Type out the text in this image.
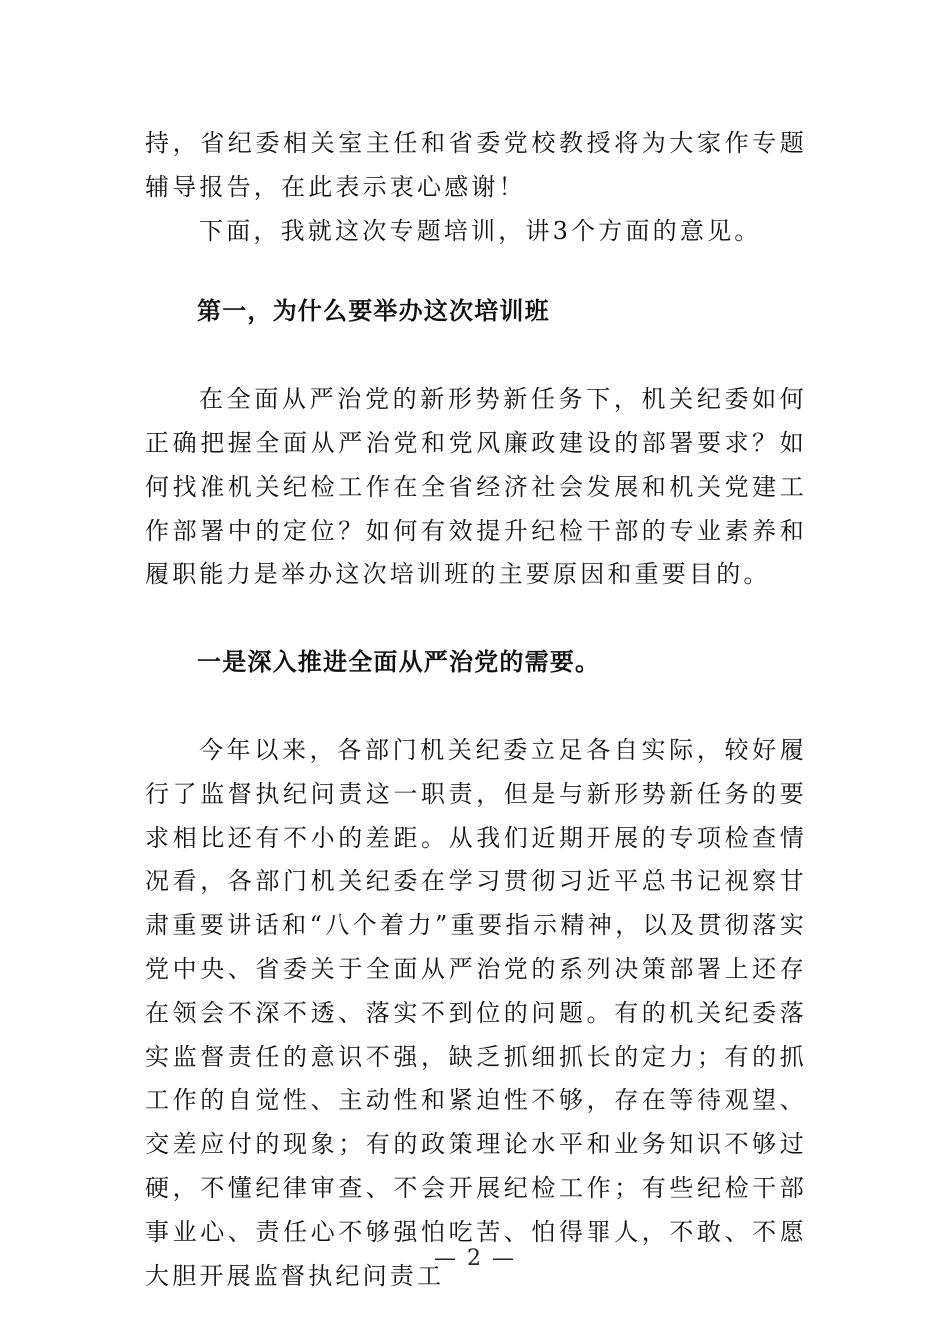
持，省纪委相关室主任和省委党校教授将为大家作专题辅导报告，在此表示衷心感谢！

下面，我就这次专题培训，讲3个方面的意见。

第一，为什么要举办这次培训班

在全面从严治党的新形势新任务下，机关纪委如何正确把握全面从严治党和党风廉政建设的部署要求？如何找准机关纪检工作在全省经济社会发展和机关党建工作部署中的定位？如何有效提升纪检干部的专业素养和履职能力是举办这次培训班的主要原因和重要目的。

一是深入推进全面从严治党的需要。

今年以来，各部门机关纪委立足各自实际，较好履行了监督执纪问责这一职责，但是与新形势新任务的要求相比还有不小的差距。从我们近期开展的专项检查情况看，各部门机关纪委在学习贯彻习近平总书记视察甘肃重要讲话和“八个着力”重要指示精神，以及贯彻落实党中央、省委关于全面从严治党的系列决策部署上还存在领会不深不透、落实不到位的问题。有的机关纪委落实监督责任的意识不强，缺乏抓细抓长的定力；有的抓工作的自觉性、主动性和紧迫性不够，存在等待观望、交差应付的现象；有的政策理论水平和业务知识不够过硬，不懂纪律审查、不会开展纪检工作；有些纪检干部事业心、责任心不够强怕吃苦、怕得罪人，不敢、不愿大胆开展监督执纪问责工

— 2 —
